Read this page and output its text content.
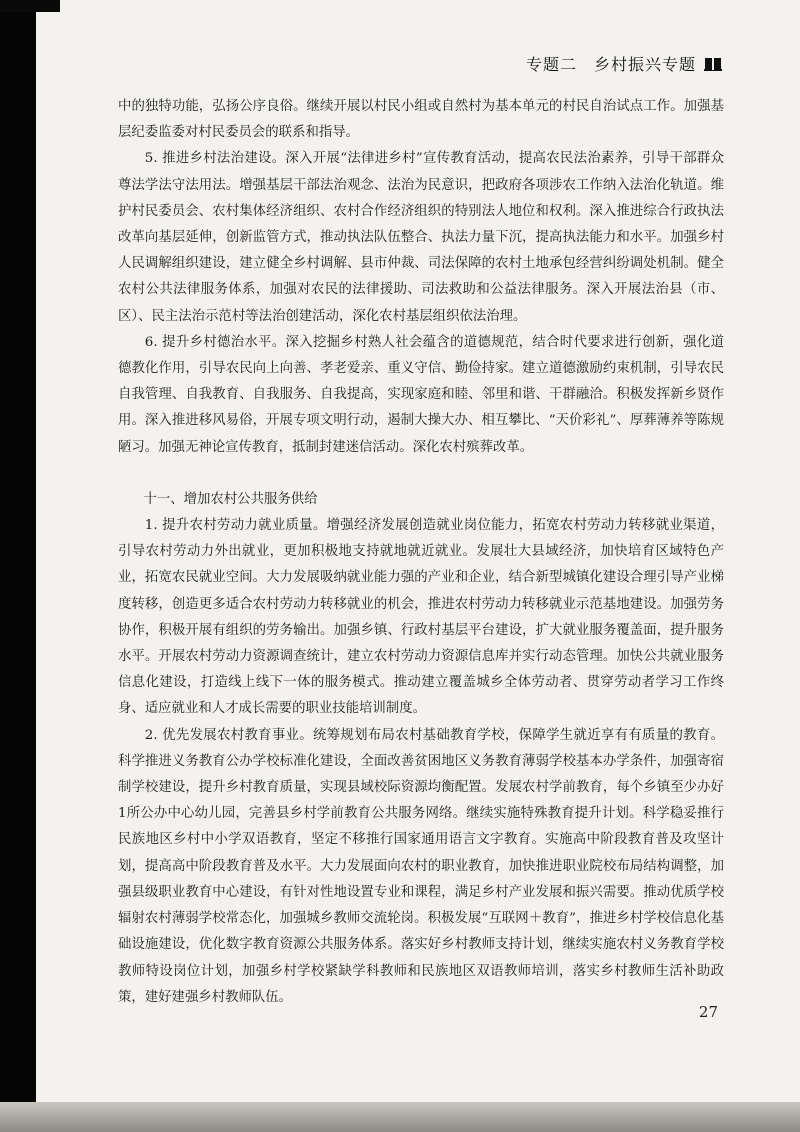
专题二　乡村振兴专题

中的独特功能，弘扬公序良俗。继续开展以村民小组或自然村为基本单元的村民自治试点工作。加强基层纪委监委对村民委员会的联系和指导。

5. 推进乡村法治建设。深入开展“法律进乡村”宣传教育活动，提高农民法治素养，引导干部群众尊法学法守法用法。增强基层干部法治观念、法治为民意识，把政府各项涉农工作纳入法治化轨道。维护村民委员会、农村集体经济组织、农村合作经济组织的特别法人地位和权利。深入推进综合行政执法改革向基层延伸，创新监管方式，推动执法队伍整合、执法力量下沉，提高执法能力和水平。加强乡村人民调解组织建设，建立健全乡村调解、县市仲裁、司法保障的农村土地承包经营纠纷调处机制。健全农村公共法律服务体系，加强对农民的法律援助、司法救助和公益法律服务。深入开展法治县（市、区）、民主法治示范村等法治创建活动，深化农村基层组织依法治理。

6. 提升乡村德治水平。深入挖掘乡村熟人社会蕴含的道德规范，结合时代要求进行创新，强化道德教化作用，引导农民向上向善、孝老爱亲、重义守信、勤俭持家。建立道德激励约束机制，引导农民自我管理、自我教育、自我服务、自我提高，实现家庭和睦、邻里和谐、干群融洽。积极发挥新乡贤作用。深入推进移风易俗，开展专项文明行动，遏制大操大办、相互攀比、“天价彩礼”、厚葬薄养等陈规陋习。加强无神论宣传教育，抵制封建迷信活动。深化农村殡葬改革。

十一、增加农村公共服务供给

1. 提升农村劳动力就业质量。增强经济发展创造就业岗位能力，拓宽农村劳动力转移就业渠道，引导农村劳动力外出就业，更加积极地支持就地就近就业。发展壮大县域经济，加快培育区域特色产业，拓宽农民就业空间。大力发展吸纳就业能力强的产业和企业，结合新型城镇化建设合理引导产业梯度转移，创造更多适合农村劳动力转移就业的机会，推进农村劳动力转移就业示范基地建设。加强劳务协作，积极开展有组织的劳务输出。加强乡镇、行政村基层平台建设，扩大就业服务覆盖面，提升服务水平。开展农村劳动力资源调查统计，建立农村劳动力资源信息库并实行动态管理。加快公共就业服务信息化建设，打造线上线下一体的服务模式。推动建立覆盖城乡全体劳动者、贯穿劳动者学习工作终身、适应就业和人才成长需要的职业技能培训制度。

2. 优先发展农村教育事业。统筹规划布局农村基础教育学校，保障学生就近享有有质量的教育。科学推进义务教育公办学校标准化建设，全面改善贫困地区义务教育薄弱学校基本办学条件，加强寄宿制学校建设，提升乡村教育质量，实现县域校际资源均衡配置。发展农村学前教育，每个乡镇至少办好1所公办中心幼儿园，完善县乡村学前教育公共服务网络。继续实施特殊教育提升计划。科学稳妥推行民族地区乡村中小学双语教育，坚定不移推行国家通用语言文字教育。实施高中阶段教育普及攻坚计划，提高高中阶段教育普及水平。大力发展面向农村的职业教育，加快推进职业院校布局结构调整，加强县级职业教育中心建设，有针对性地设置专业和课程，满足乡村产业发展和振兴需要。推动优质学校辐射农村薄弱学校常态化，加强城乡教师交流轮岗。积极发展“互联网＋教育”，推进乡村学校信息化基础设施建设，优化数字教育资源公共服务体系。落实好乡村教师支持计划，继续实施农村义务教育学校教师特设岗位计划，加强乡村学校紧缺学科教师和民族地区双语教师培训，落实乡村教师生活补助政策，建好建强乡村教师队伍。

27
